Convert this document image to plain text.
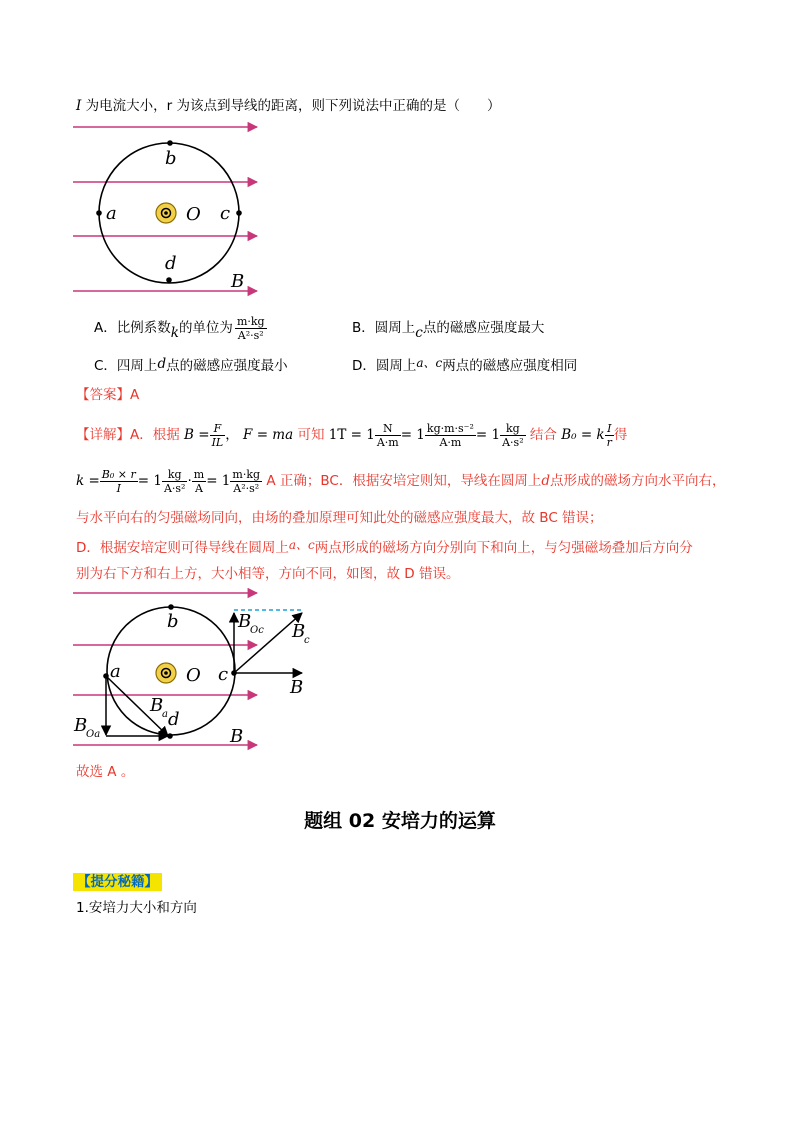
I 为电流大小，r 为该点到导线的距离，则下列说法中正确的是（　　）
b
a	O c
d
B
A．比例系数k的单位为 $\frac{m\cdot kg}{\text{A²·s²}}$	B．圆周上c点的磁感应强度最大
C．四周上d点的磁感应强度最小	D．圆周上a、c两点的磁感应强度相同
【答案】A
【详解】A．根据 $B = \frac{F}{IL}$ ， F = ma 可知 $1T = 1 \frac{N}{A\cdot m} = 1 \frac{\text{kg·m·s⁻²}}{A\cdot m} = 1 \frac{kg}{\text{A·s²}}$ 结合 B₀ = k $\frac{I}{r}$ 得
$k = \frac{\text{B₀ × r}}{I} = 1 \frac{kg}{\text{A·s²}} \cdot \frac{m}{A} = 1 \frac{m\cdot kg}{\text{A²·s²}}$ A 正确；BC．根据安培定则知，导线在圆周上d点形成的磁场方向水平向右，
与水平向右的匀强磁场同向，由场的叠加原理可知此处的磁感应强度最大，故 BC 错误；
D．根据安培定则可得导线在圆周上a、c两点形成的磁场方向分别向下和向上，与匀强磁场叠加后方向分
别为右下方和右上方，大小相等，方向不同，如图，故 D 错误。
b
a	O c
d
B
B
B
Oc B
c
B
Oa
B
a
故选 A 。
题组 02 安培力的运算
【提分秘籍】
1.安培力大小和方向
